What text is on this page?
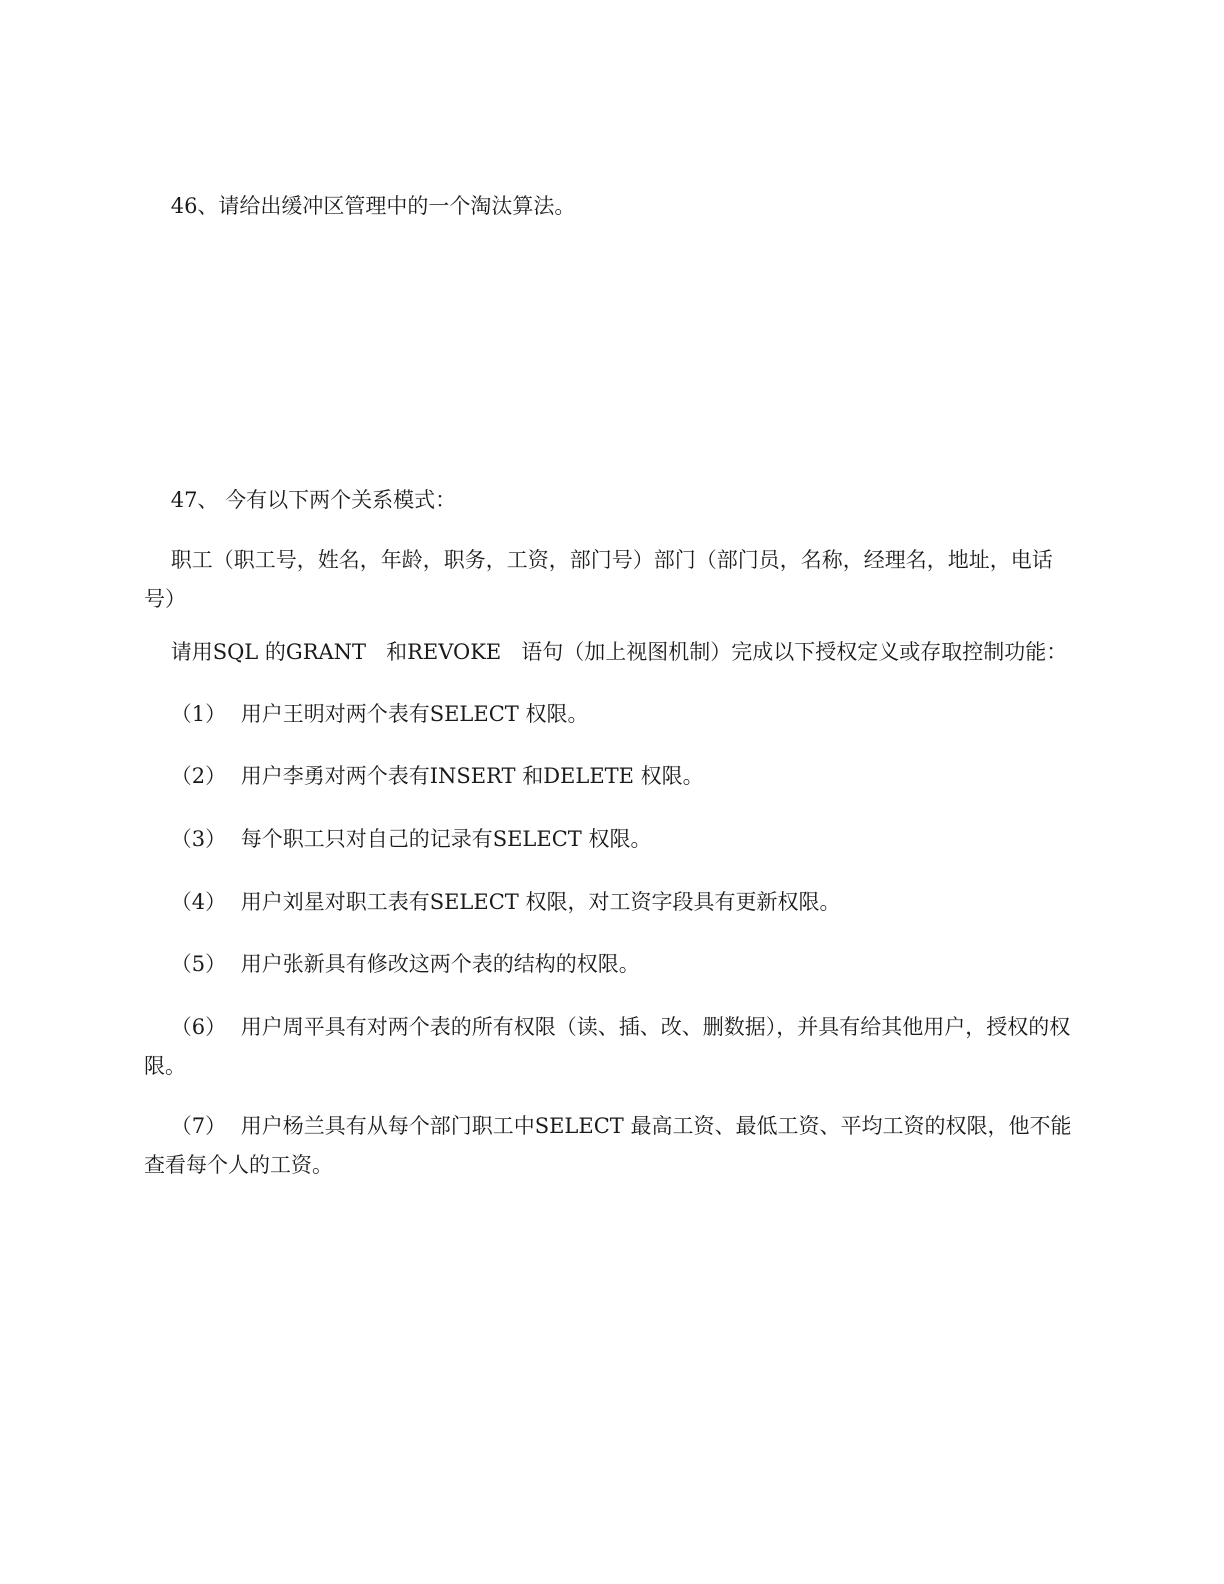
46、请给出缓冲区管理中的一个淘汰算法。

47、 今有以下两个关系模式：

职工（职工号，姓名，年龄，职务，工资，部门号）部门（部门员，名称，经理名，地址，电话号）

请用SQL 的GRANT   和REVOKE   语句（加上视图机制）完成以下授权定义或存取控制功能：

（1） 用户王明对两个表有SELECT 权限。

（2） 用户李勇对两个表有INSERT 和DELETE 权限。

（3） 每个职工只对自己的记录有SELECT 权限。

（4） 用户刘星对职工表有SELECT 权限，对工资字段具有更新权限。

（5） 用户张新具有修改这两个表的结构的权限。

（6） 用户周平具有对两个表的所有权限（读、插、改、删数据），并具有给其他用户，授权的权限。

（7） 用户杨兰具有从每个部门职工中SELECT 最高工资、最低工资、平均工资的权限，他不能查看每个人的工资。
